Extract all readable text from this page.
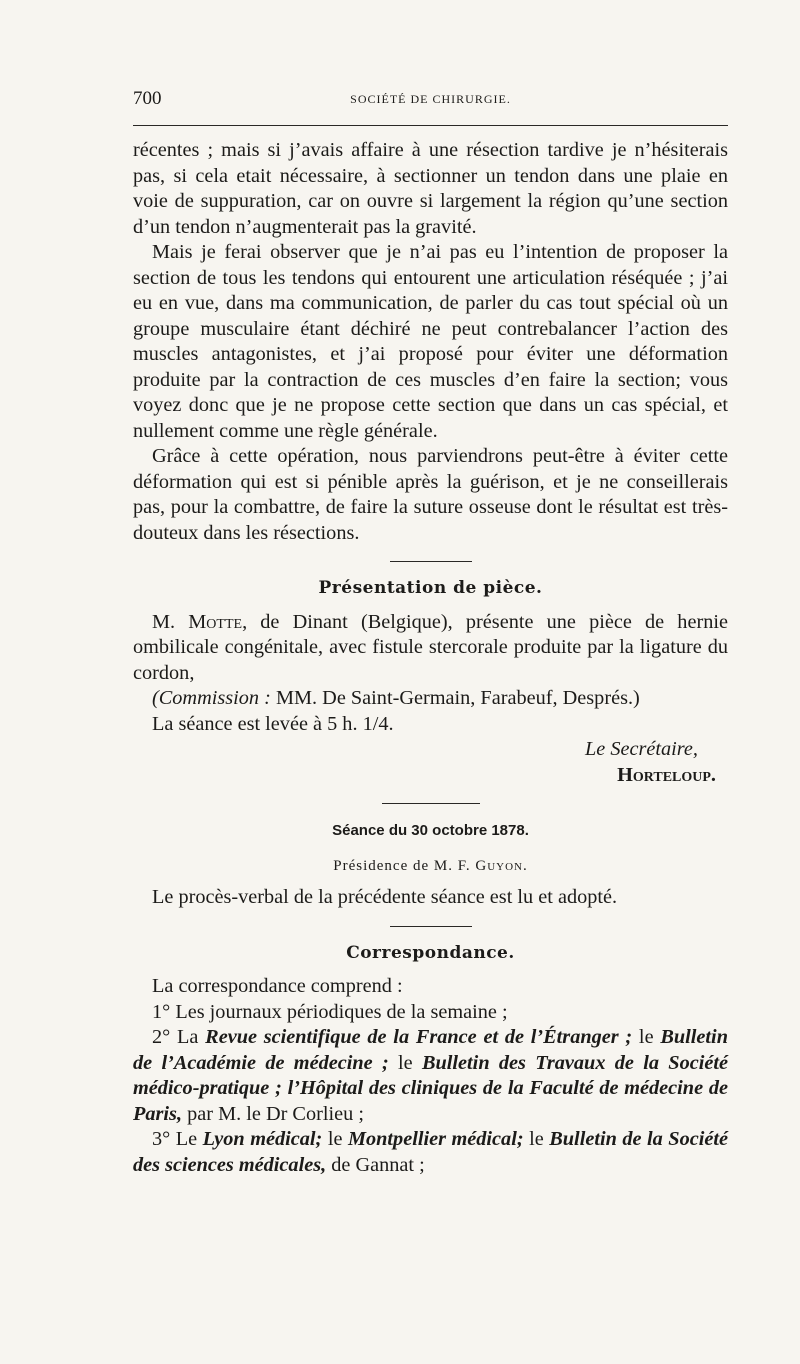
700	SOCIÉTÉ DE CHIRURGIE.

récentes ; mais si j’avais affaire à une résection tardive je n’hésiterais pas, si cela etait nécessaire, à sectionner un tendon dans une plaie en voie de suppuration, car on ouvre si largement la région qu’une section d’un tendon n’augmenterait pas la gravité.

Mais je ferai observer que je n’ai pas eu l’intention de proposer la section de tous les tendons qui entourent une articulation réséquée ; j’ai eu en vue, dans ma communication, de parler du cas tout spécial où un groupe musculaire étant déchiré ne peut contrebalancer l’action des muscles antagonistes, et j’ai proposé pour éviter une déformation produite par la contraction de ces muscles d’en faire la section; vous voyez donc que je ne propose cette section que dans un cas spécial, et nullement comme une règle générale.

Grâce à cette opération, nous parviendrons peut-être à éviter cette déformation qui est si pénible après la guérison, et je ne conseillerais pas, pour la combattre, de faire la suture osseuse dont le résultat est très-douteux dans les résections.

Présentation de pièce.

M. Motte, de Dinant (Belgique), présente une pièce de hernie ombilicale congénitale, avec fistule stercorale produite par la ligature du cordon,

(Commission : MM. De Saint-Germain, Farabeuf, Després.)

La séance est levée à 5 h. 1/4.

Le Secrétaire,
Horteloup.
Séance du 30 octobre 1878.
Présidence de M. F. Guyon.

Le procès-verbal de la précédente séance est lu et adopté.

Correspondance.

La correspondance comprend :

1° Les journaux périodiques de la semaine ;

2° La Revue scientifique de la France et de l’Étranger ; le Bulletin de l’Académie de médecine ; le Bulletin des Travaux de la Société médico-pratique ; l’Hôpital des cliniques de la Faculté de médecine de Paris, par M. le Dr Corlieu ;

3° Le Lyon médical; le Montpellier médical; le Bulletin de la Société des sciences médicales, de Gannat ;
